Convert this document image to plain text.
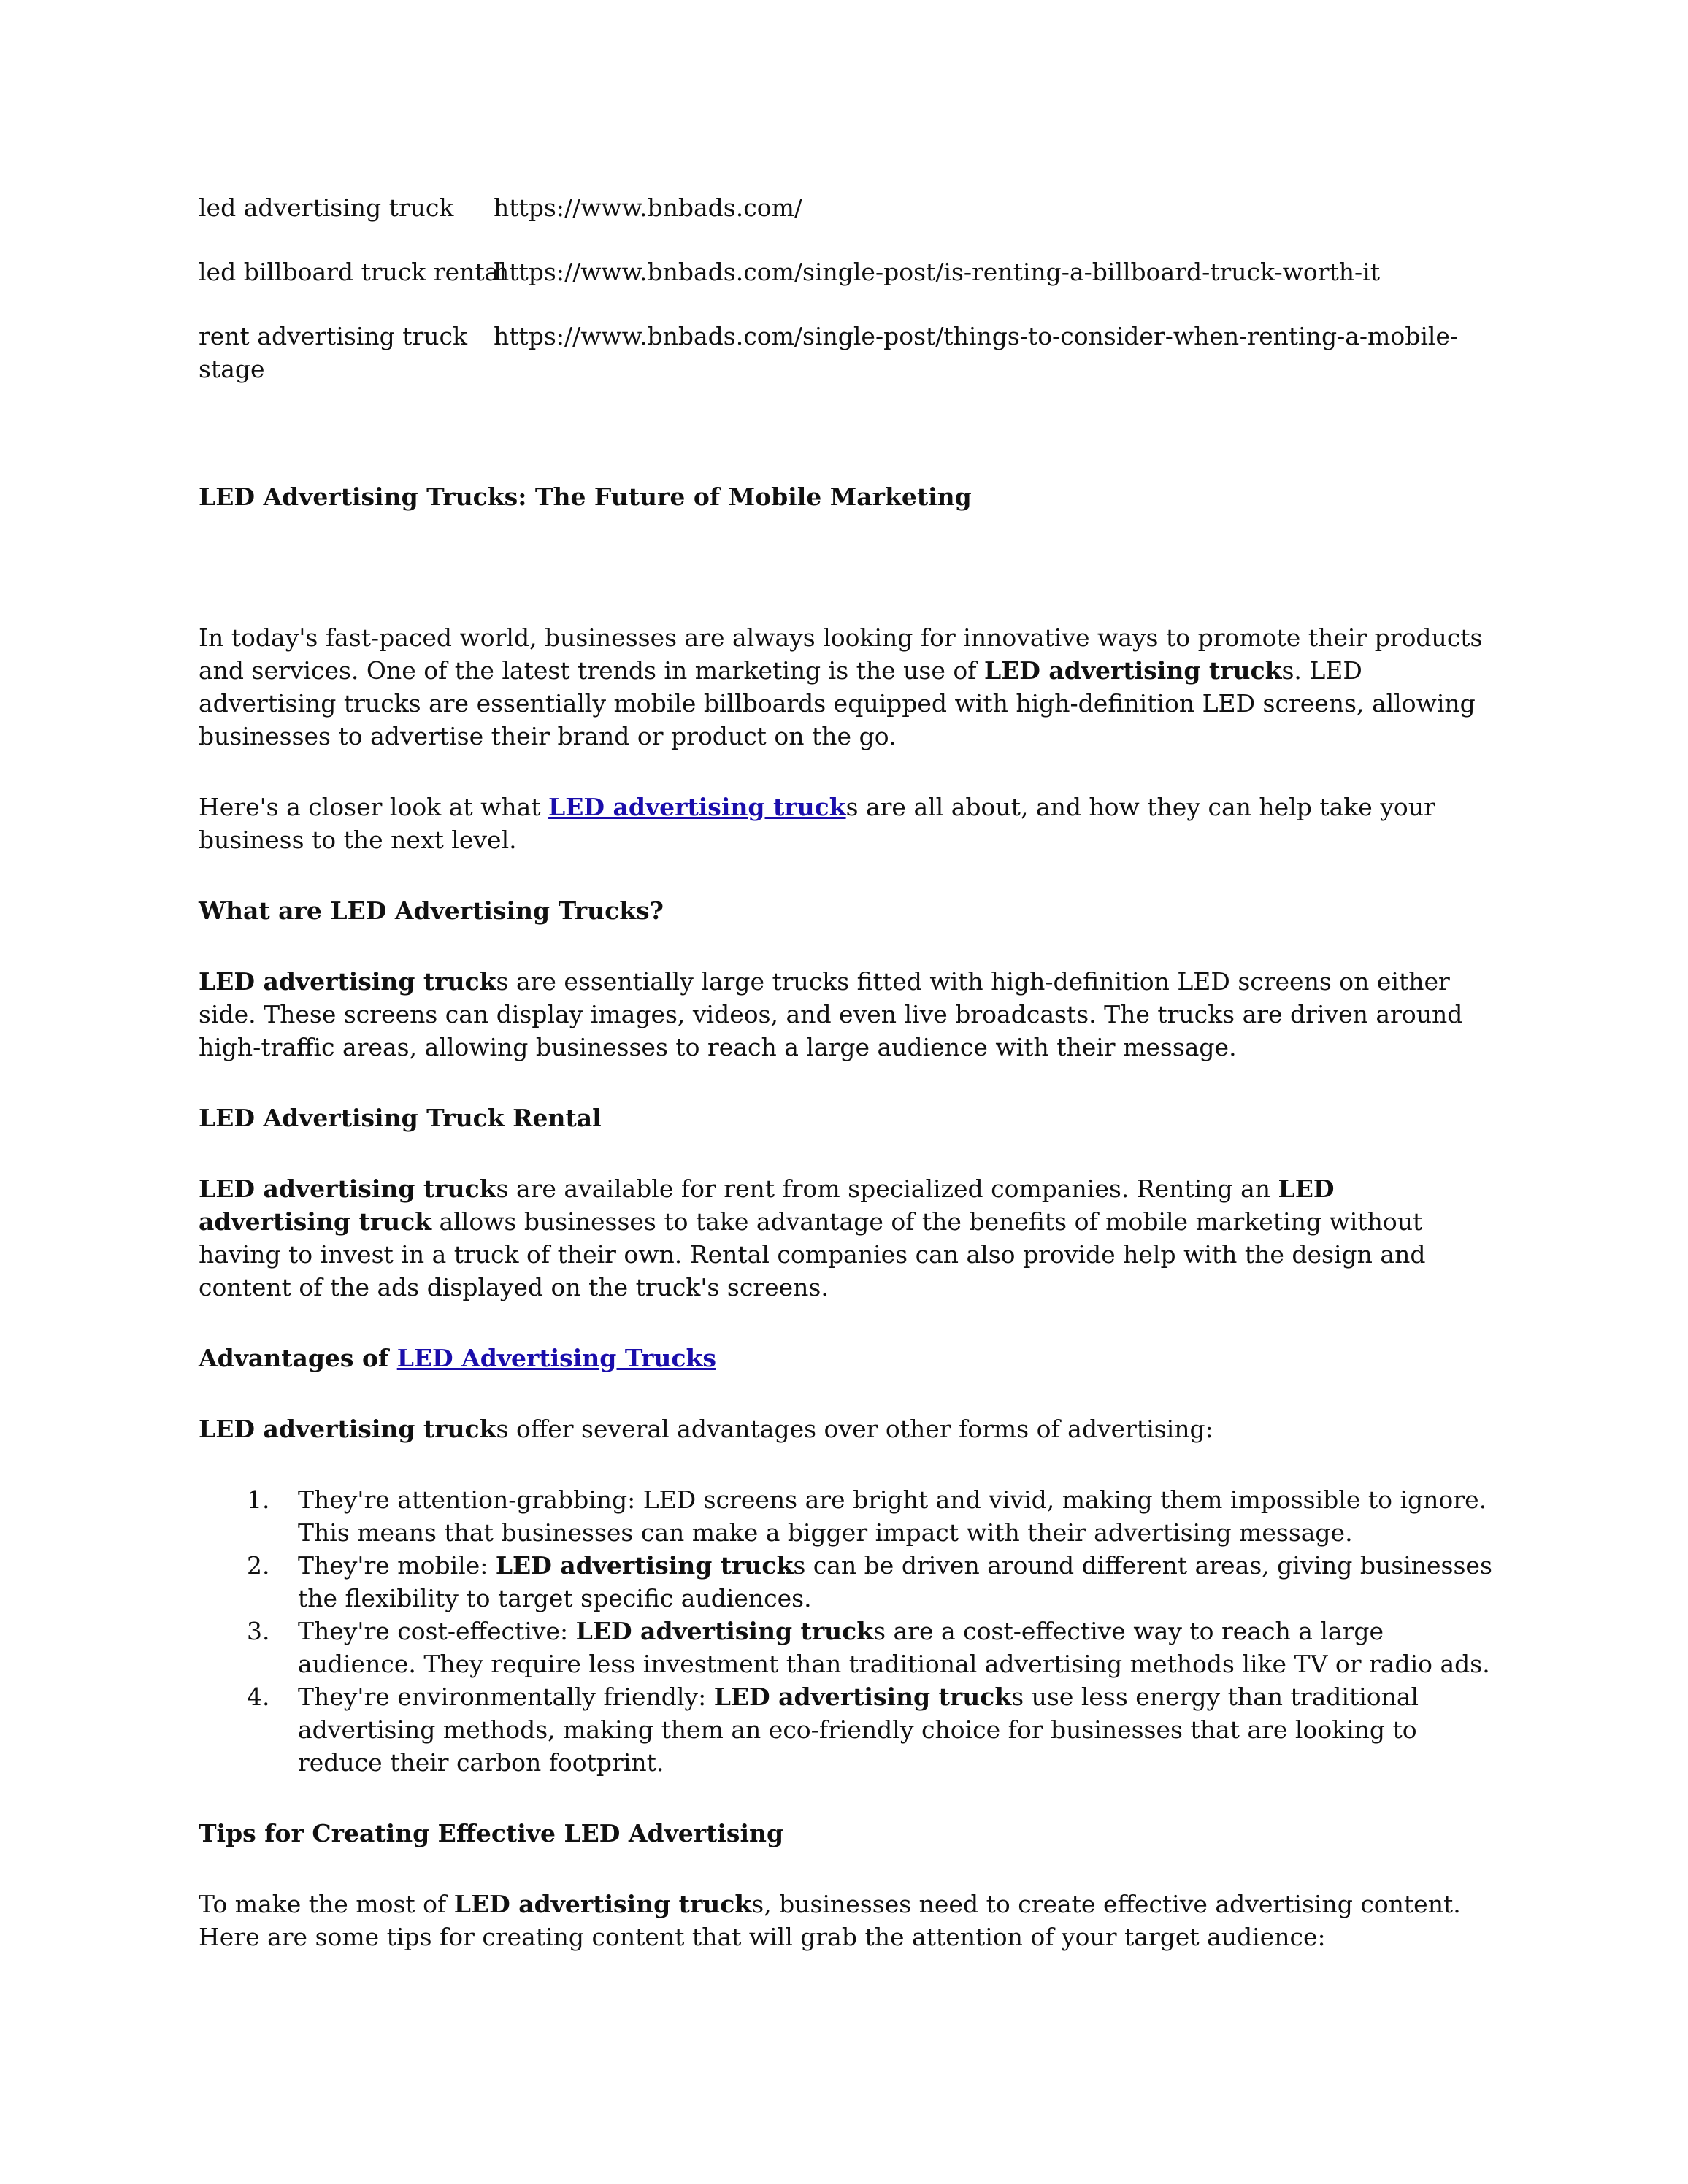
led advertising truck https://www.bnbads.com/

led billboard truck rentalhttps://www.bnbads.com/single-post/is-renting-a-billboard-truck-worth-it

rent advertising truck https://www.bnbads.com/single-post/things-to-consider-when-renting-a-mobile-stage

LED Advertising Trucks: The Future of Mobile Marketing

In today's fast-paced world, businesses are always looking for innovative ways to promote their products and services. One of the latest trends in marketing is the use of LED advertising trucks. LED advertising trucks are essentially mobile billboards equipped with high-definition LED screens, allowing businesses to advertise their brand or product on the go.

Here's a closer look at what LED advertising trucks are all about, and how they can help take your business to the next level.

What are LED Advertising Trucks?

LED advertising trucks are essentially large trucks fitted with high-definition LED screens on either side. These screens can display images, videos, and even live broadcasts. The trucks are driven around high-traffic areas, allowing businesses to reach a large audience with their message.

LED Advertising Truck Rental

LED advertising trucks are available for rent from specialized companies. Renting an LED advertising truck allows businesses to take advantage of the benefits of mobile marketing without having to invest in a truck of their own. Rental companies can also provide help with the design and content of the ads displayed on the truck's screens.

Advantages of LED Advertising Trucks

LED advertising trucks offer several advantages over other forms of advertising:

1. They're attention-grabbing: LED screens are bright and vivid, making them impossible to ignore. This means that businesses can make a bigger impact with their advertising message.
2. They're mobile: LED advertising trucks can be driven around different areas, giving businesses the flexibility to target specific audiences.
3. They're cost-effective: LED advertising trucks are a cost-effective way to reach a large audience. They require less investment than traditional advertising methods like TV or radio ads.
4. They're environmentally friendly: LED advertising trucks use less energy than traditional advertising methods, making them an eco-friendly choice for businesses that are looking to reduce their carbon footprint.

Tips for Creating Effective LED Advertising

To make the most of LED advertising trucks, businesses need to create effective advertising content. Here are some tips for creating content that will grab the attention of your target audience:
